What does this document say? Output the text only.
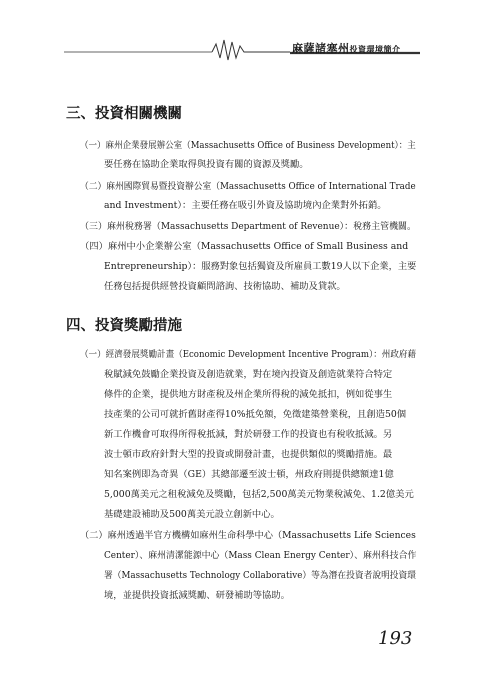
麻薩諸塞州投資環境簡介
三、投資相關機關
（一）麻州企業發展辦公室（Massachusetts Office of Business Development）：主
要任務在協助企業取得與投資有關的資源及獎勵。
（二）麻州國際貿易暨投資辦公室（Massachusetts Office of International Trade
and Investment）：主要任務在吸引外資及協助境內企業對外拓銷。
（三）麻州稅務署（Massachusetts Department of Revenue）：稅務主管機關。
（四）麻州中小企業辦公室（Massachusetts Office of Small Business and
Entrepreneurship）：服務對象包括獨資及所雇員工數19人以下企業，主要
任務包括提供經營投資顧問諮詢、技術協助、補助及貸款。
四、投資獎勵措施
（一）經濟發展獎勵計畫（Economic Development Incentive Program）：州政府藉
稅賦減免鼓勵企業投資及創造就業，對在境內投資及創造就業符合特定
條件的企業，提供地方財產稅及州企業所得稅的減免抵扣，例如從事生
技產業的公司可就折舊財產得10%抵免額，免徵建築營業稅，且創造50個
新工作機會可取得所得稅抵減，對於研發工作的投資也有稅收抵減。另
波士頓市政府針對大型的投資或開發計畫，也提供類似的獎勵措施。最
知名案例即為奇異（GE）其總部遷至波士頓，州政府則提供總額達1億
5,000萬美元之租稅減免及獎勵，包括2,500萬美元物業稅減免、1.2億美元
基礎建設補助及500萬美元設立創新中心。
（二）麻州透過半官方機構如麻州生命科學中心（Massachusetts Life Sciences
Center）、麻州清潔能源中心（Mass Clean Energy Center）、麻州科技合作
署（Massachusetts Technology Collaborative）等為潛在投資者說明投資環
境，並提供投資抵減獎勵、研發補助等協助。
193
